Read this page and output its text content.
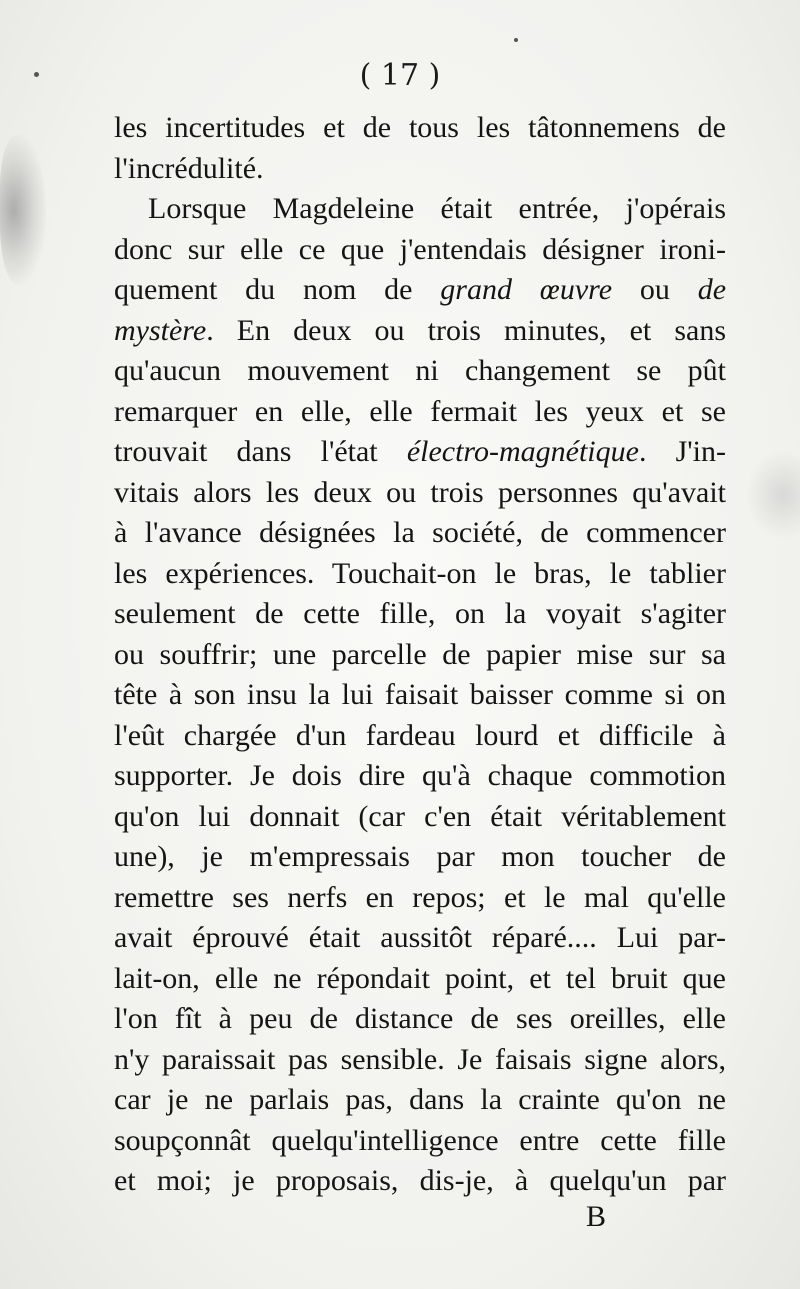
( 17 )
les incertitudes et de tous les tâtonnemens de
l'incrédulité.
Lorsque Magdeleine était entrée, j'opérais
donc sur elle ce que j'entendais désigner ironi-
quement du nom de grand œuvre ou de
mystère. En deux ou trois minutes, et sans
qu'aucun mouvement ni changement se pût
remarquer en elle, elle fermait les yeux et se
trouvait dans l'état électro-magnétique. J'in-
vitais alors les deux ou trois personnes qu'avait
à l'avance désignées la société, de commencer
les expériences. Touchait-on le bras, le tablier
seulement de cette fille, on la voyait s'agiter
ou souffrir; une parcelle de papier mise sur sa
tête à son insu la lui faisait baisser comme si on
l'eût chargée d'un fardeau lourd et difficile à
supporter. Je dois dire qu'à chaque commotion
qu'on lui donnait (car c'en était véritablement
une), je m'empressais par mon toucher de
remettre ses nerfs en repos; et le mal qu'elle
avait éprouvé était aussitôt réparé.... Lui par-
lait-on, elle ne répondait point, et tel bruit que
l'on fît à peu de distance de ses oreilles, elle
n'y paraissait pas sensible. Je faisais signe alors,
car je ne parlais pas, dans la crainte qu'on ne
soupçonnât quelqu'intelligence entre cette fille
et moi; je proposais, dis-je, à quelqu'un par
B
